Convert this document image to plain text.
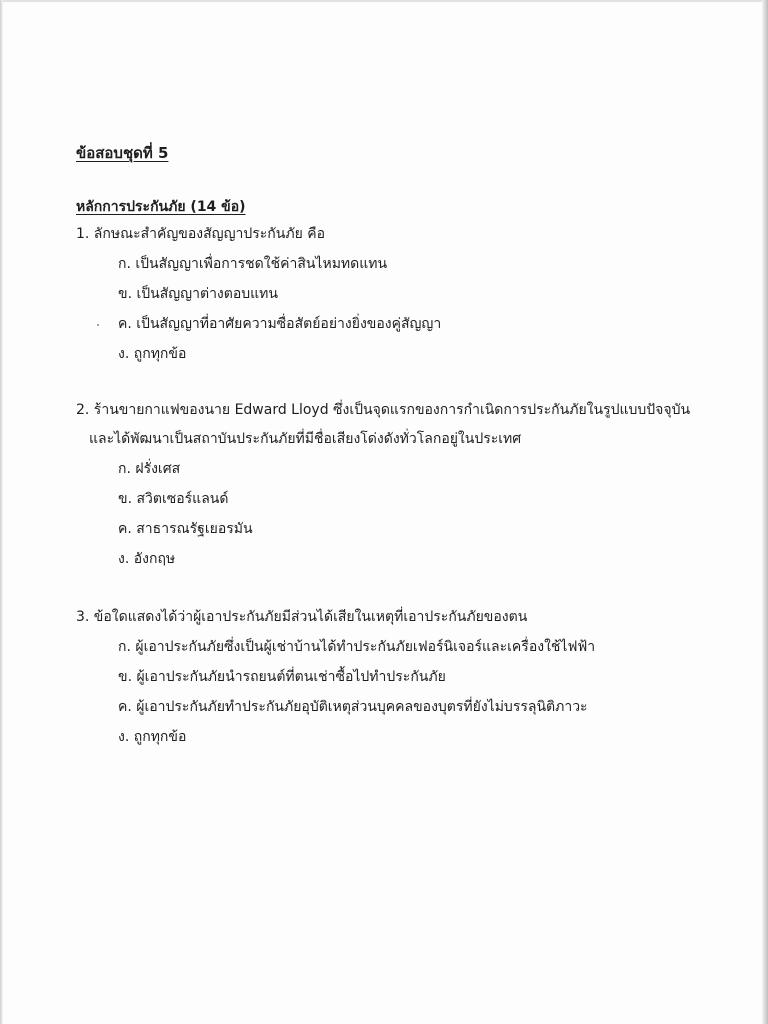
ข้อสอบชุดที่ 5
หลักการประกันภัย (14 ข้อ)
1. ลักษณะสำคัญของสัญญาประกันภัย คือ
ก. เป็นสัญญาเพื่อการชดใช้ค่าสินไหมทดแทน
ข. เป็นสัญญาต่างตอบแทน
ค. เป็นสัญญาที่อาศัยความซื่อสัตย์อย่างยิ่งของคู่สัญญา
ง. ถูกทุกข้อ
2. ร้านขายกาแฟของนาย Edward Lloyd ซึ่งเป็นจุดแรกของการกำเนิดการประกันภัยในรูปแบบปัจจุบัน
และได้พัฒนาเป็นสถาบันประกันภัยที่มีชื่อเสียงโด่งดังทั่วโลกอยู่ในประเทศ
ก. ฝรั่งเศส
ข. สวิตเซอร์แลนด์
ค. สาธารณรัฐเยอรมัน
ง. อังกฤษ
3. ข้อใดแสดงได้ว่าผู้เอาประกันภัยมีส่วนได้เสียในเหตุที่เอาประกันภัยของตน
ก. ผู้เอาประกันภัยซึ่งเป็นผู้เช่าบ้านได้ทำประกันภัยเฟอร์นิเจอร์และเครื่องใช้ไฟฟ้า
ข. ผู้เอาประกันภัยนำรถยนต์ที่ตนเช่าซื้อไปทำประกันภัย
ค. ผู้เอาประกันภัยทำประกันภัยอุบัติเหตุส่วนบุคคลของบุตรที่ยังไม่บรรลุนิติภาวะ
ง. ถูกทุกข้อ
